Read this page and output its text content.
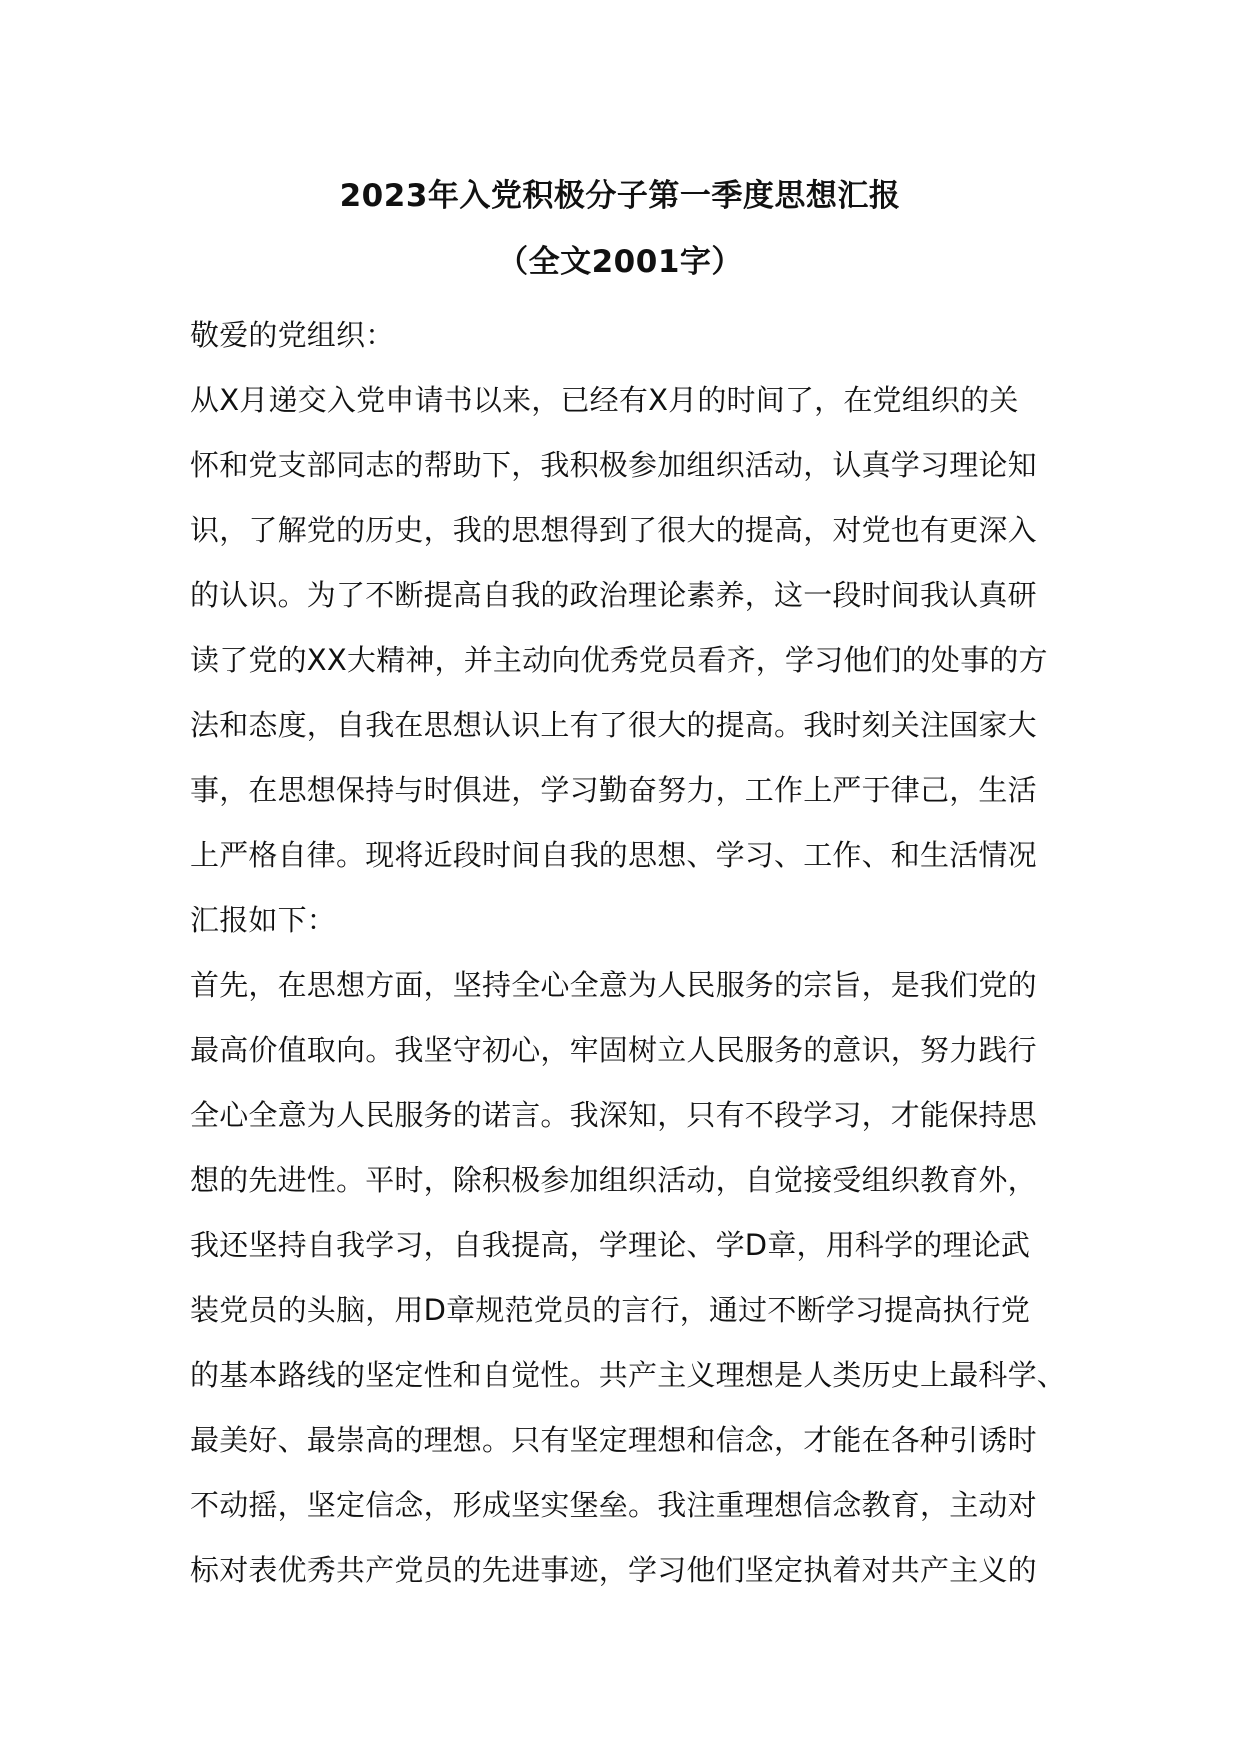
2023年入党积极分子第一季度思想汇报
（全文2001字）
敬爱的党组织：
从X月递交入党申请书以来，已经有X月的时间了，在党组织的关
怀和党支部同志的帮助下，我积极参加组织活动，认真学习理论知
识，了解党的历史，我的思想得到了很大的提高，对党也有更深入
的认识。为了不断提高自我的政治理论素养，这一段时间我认真研
读了党的XX大精神，并主动向优秀党员看齐，学习他们的处事的方
法和态度，自我在思想认识上有了很大的提高。我时刻关注国家大
事，在思想保持与时俱进，学习勤奋努力，工作上严于律己，生活
上严格自律。现将近段时间自我的思想、学习、工作、和生活情况
汇报如下：
首先，在思想方面，坚持全心全意为人民服务的宗旨，是我们党的
最高价值取向。我坚守初心，牢固树立人民服务的意识，努力践行
全心全意为人民服务的诺言。我深知，只有不段学习，才能保持思
想的先进性。平时，除积极参加组织活动，自觉接受组织教育外，
我还坚持自我学习，自我提高，学理论、学D章，用科学的理论武
装党员的头脑，用D章规范党员的言行，通过不断学习提高执行党
的基本路线的坚定性和自觉性。共产主义理想是人类历史上最科学、
最美好、最崇高的理想。只有坚定理想和信念，才能在各种引诱时
不动摇，坚定信念，形成坚实堡垒。我注重理想信念教育，主动对
标对表优秀共产党员的先进事迹，学习他们坚定执着对共产主义的
